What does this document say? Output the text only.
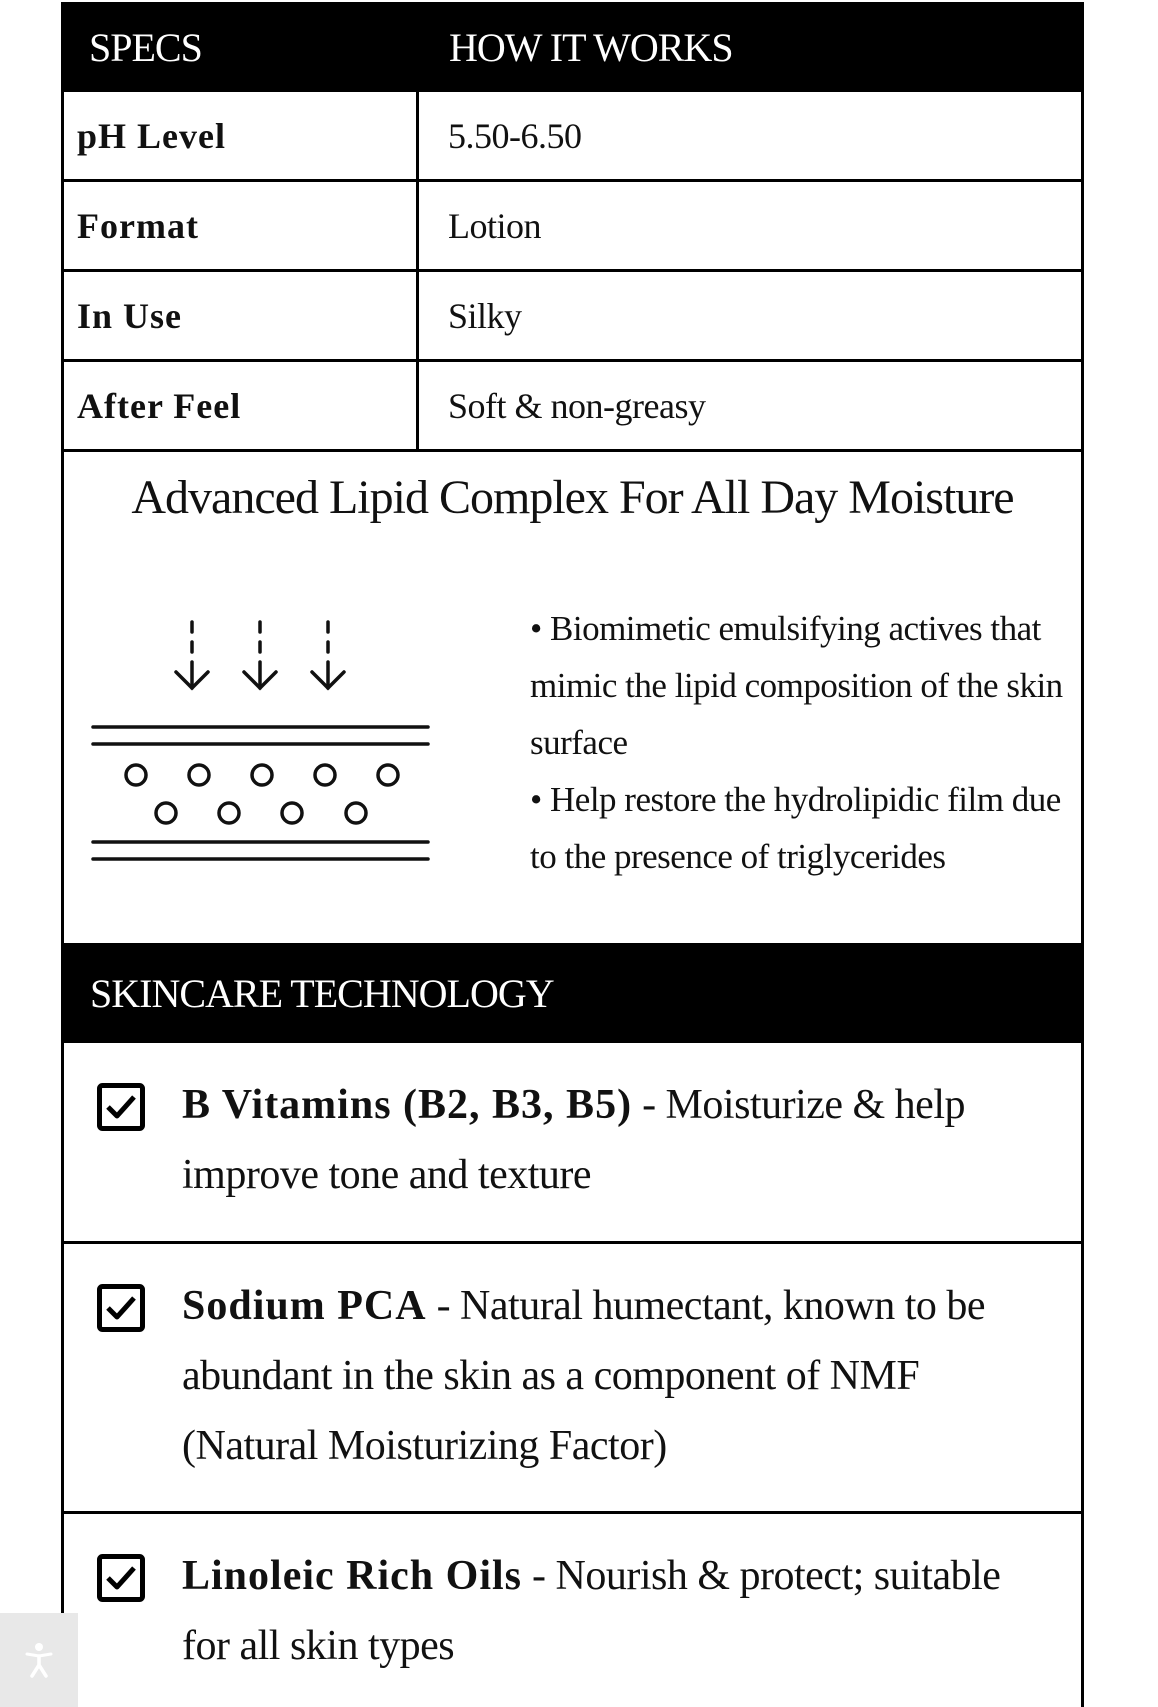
SPECS	HOW IT WORKS
pH Level	5.50-6.50
Format	Lotion
In Use	Silky
After Feel	Soft & non-greasy
Advanced Lipid Complex For All Day Moisture

• Biomimetic emulsifying actives that mimic the lipid composition of the skin surface

• Help restore the hydrolipidic film due to the presence of triglycerides

SKINCARE TECHNOLOGY
B Vitamins (B2, B3, B5) - Moisturize & help improve tone and texture
Sodium PCA - Natural humectant, known to be abundant in the skin as a component of NMF (Natural Moisturizing Factor)
Linoleic Rich Oils - Nourish & protect; suitable for all skin types
